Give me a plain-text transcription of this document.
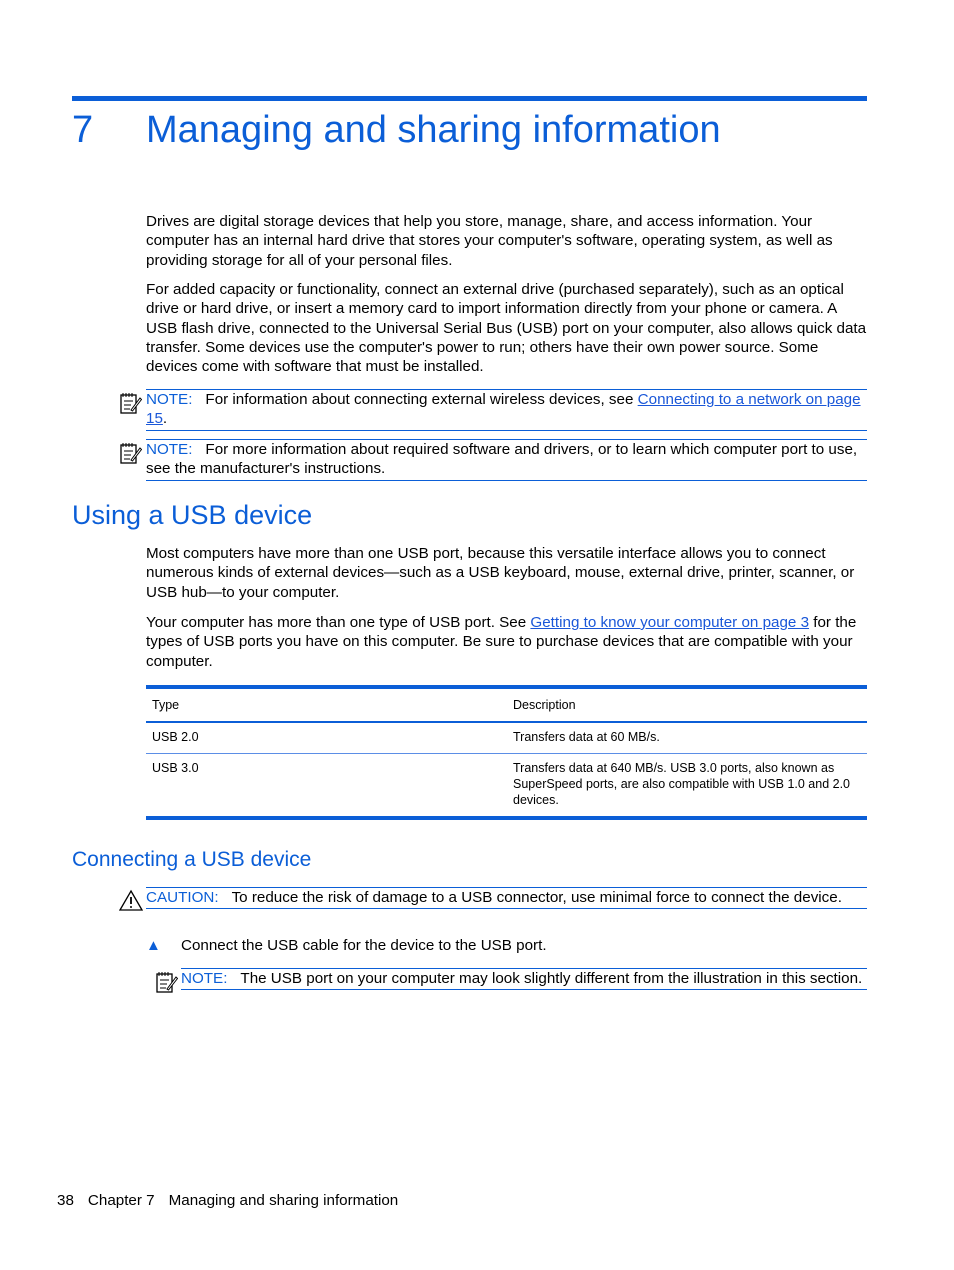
7 Managing and sharing information
Drives are digital storage devices that help you store, manage, share, and access information. Your computer has an internal hard drive that stores your computer's software, operating system, as well as providing storage for all of your personal files.
For added capacity or functionality, connect an external drive (purchased separately), such as an optical drive or hard drive, or insert a memory card to import information directly from your phone or camera. A USB flash drive, connected to the Universal Serial Bus (USB) port on your computer, also allows quick data transfer. Some devices use the computer's power to run; others have their own power source. Some devices come with software that must be installed.
NOTE: For information about connecting external wireless devices, see Connecting to a network on page 15.
NOTE: For more information about required software and drivers, or to learn which computer port to use, see the manufacturer's instructions.
Using a USB device
Most computers have more than one USB port, because this versatile interface allows you to connect numerous kinds of external devices—such as a USB keyboard, mouse, external drive, printer, scanner, or USB hub—to your computer.
Your computer has more than one type of USB port. See Getting to know your computer on page 3 for the types of USB ports you have on this computer. Be sure to purchase devices that are compatible with your computer.
Type	Description
USB 2.0	Transfers data at 60 MB/s.
USB 3.0	Transfers data at 640 MB/s. USB 3.0 ports, also known as SuperSpeed ports, are also compatible with USB 1.0 and 2.0 devices.
Connecting a USB device
CAUTION: To reduce the risk of damage to a USB connector, use minimal force to connect the device.
▲ Connect the USB cable for the device to the USB port.
NOTE: The USB port on your computer may look slightly different from the illustration in this section.
38 Chapter 7 Managing and sharing information
